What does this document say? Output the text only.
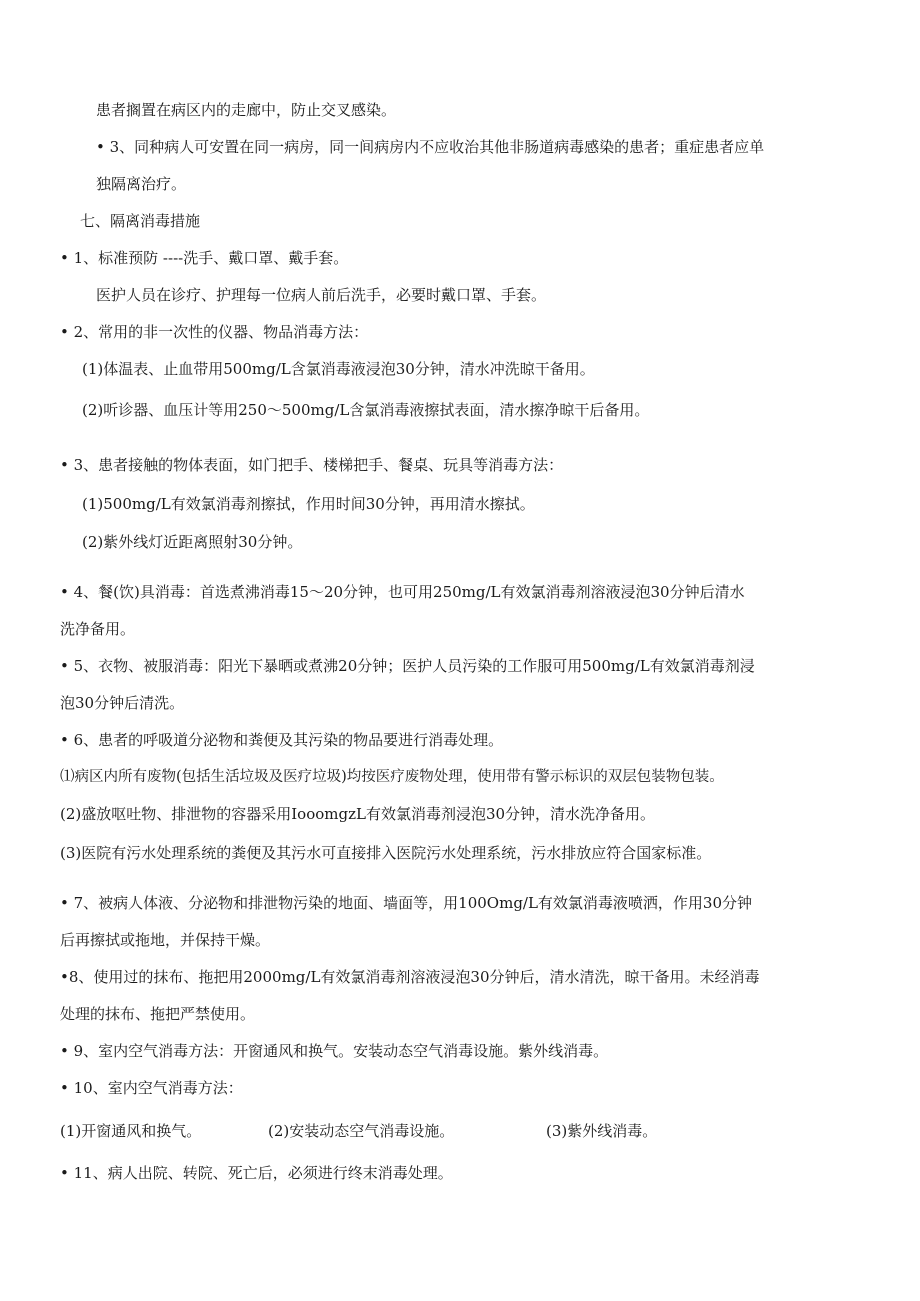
患者搁置在病区内的走廊中，防止交叉感染。
• 3、同种病人可安置在同一病房，同一间病房内不应收治其他非肠道病毒感染的患者；重症患者应单
独隔离治疗。
七、隔离消毒措施
• 1、标准预防 ----洗手、戴口罩、戴手套。
医护人员在诊疗、护理每一位病人前后洗手，必要时戴口罩、手套。
• 2、常用的非一次性的仪器、物品消毒方法：
(1)体温表、止血带用500mg/L含氯消毒液浸泡30分钟，清水冲洗晾干备用。
(2)听诊器、血压计等用250～500mg/L含氯消毒液擦拭表面，清水擦净晾干后备用。
• 3、患者接触的物体表面，如门把手、楼梯把手、餐桌、玩具等消毒方法：
(1)500mg/L有效氯消毒剂擦拭，作用时间30分钟，再用清水擦拭。
(2)紫外线灯近距离照射30分钟。
• 4、餐(饮)具消毒：首选煮沸消毒15～20分钟，也可用250mg/L有效氯消毒剂溶液浸泡30分钟后清水
洗净备用。
• 5、衣物、被服消毒：阳光下暴晒或煮沸20分钟；医护人员污染的工作服可用500mg/L有效氯消毒剂浸
泡30分钟后清洗。
• 6、患者的呼吸道分泌物和粪便及其污染的物品要进行消毒处理。
⑴病区内所有废物(包括生活垃圾及医疗垃圾)均按医疗废物处理，使用带有警示标识的双层包装物包装。
(2)盛放呕吐物、排泄物的容器采用IooomgzL有效氯消毒剂浸泡30分钟，清水洗净备用。
(3)医院有污水处理系统的粪便及其污水可直接排入医院污水处理系统，污水排放应符合国家标准。
• 7、被病人体液、分泌物和排泄物污染的地面、墙面等，用100Omg/L有效氯消毒液喷洒，作用30分钟
后再擦拭或拖地，并保持干燥。
•8、使用过的抹布、拖把用2000mg/L有效氯消毒剂溶液浸泡30分钟后，清水清洗，晾干备用。未经消毒
处理的抹布、拖把严禁使用。
• 9、室内空气消毒方法：开窗通风和换气。安装动态空气消毒设施。紫外线消毒。
• 10、室内空气消毒方法：
(1)开窗通风和换气。	(2)安装动态空气消毒设施。	(3)紫外线消毒。
• 11、病人出院、转院、死亡后，必须进行终末消毒处理。
